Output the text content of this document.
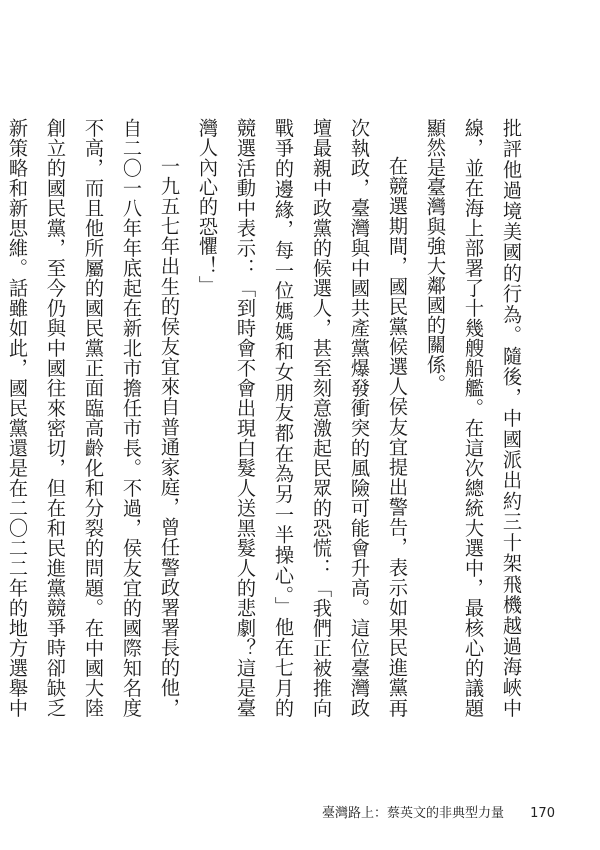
批評他過境美國的行為。隨後，中國派出約三十架飛機越過海峽中線，並在海上部署了十幾艘船艦。在這次總統大選中，最核心的議題顯然是臺灣與強大鄰國的關係。

在競選期間，國民黨候選人侯友宜提出警告，表示如果民進黨再次執政，臺灣與中國共產黨爆發衝突的風險可能會升高。這位臺灣政壇最親中政黨的候選人，甚至刻意激起民眾的恐慌：「我們正被推向戰爭的邊緣，每一位媽媽和女朋友都在為另一半操心。」他在七月的競選活動中表示：「到時會不會出現白髮人送黑髮人的悲劇？這是臺灣人內心的恐懼！」

一九五七年出生的侯友宜來自普通家庭，曾任警政署署長的他，自二〇一八年年底起在新北市擔任市長。不過，侯友宜的國際知名度不高，而且他所屬的國民黨正面臨高齡化和分裂的問題。在中國大陸創立的國民黨，至今仍與中國往來密切，但在和民進黨競爭時卻缺乏新策略和新思維。話雖如此，國民黨還是在二〇二二年的地方選舉中

臺灣路上：蔡英文的非典型力量 170
